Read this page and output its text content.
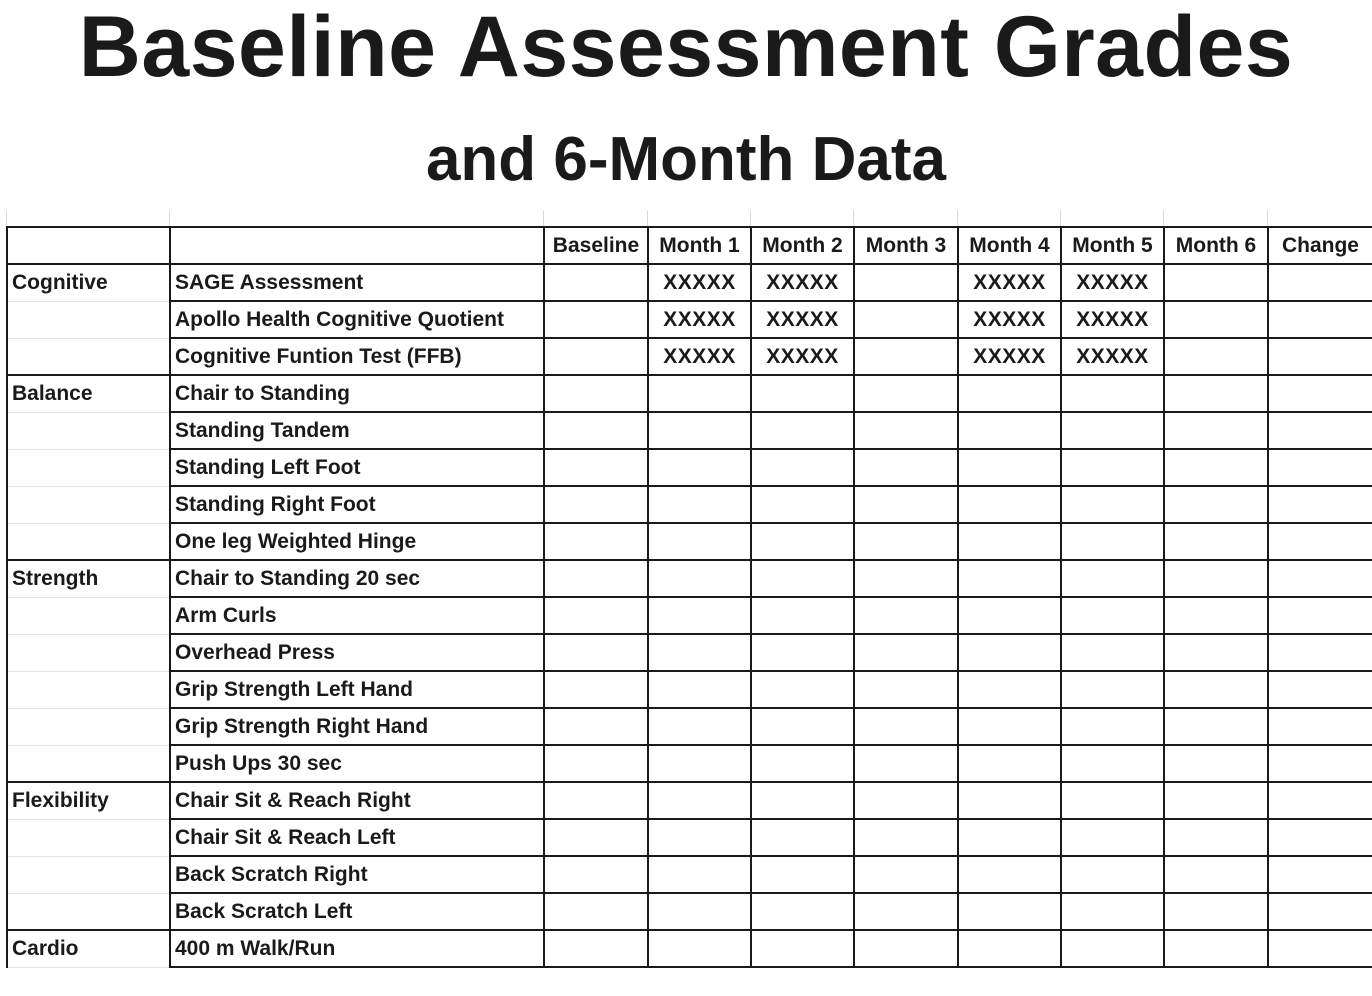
Baseline Assessment Grades
and 6-Month Data
		Baseline	Month 1	Month 2	Month 3	Month 4	Month 5	Month 6	Change
Cognitive	SAGE Assessment		XXXXX	XXXXX		XXXXX	XXXXX		
	Apollo Health Cognitive Quotient		XXXXX	XXXXX		XXXXX	XXXXX		
	Cognitive Funtion Test (FFB)		XXXXX	XXXXX		XXXXX	XXXXX		
Balance	Chair to Standing								
	Standing Tandem								
	Standing Left Foot								
	Standing Right Foot								
	One leg Weighted Hinge								
Strength	Chair to Standing 20 sec								
	Arm Curls								
	Overhead Press								
	Grip Strength Left Hand								
	Grip Strength Right Hand								
	Push Ups 30 sec								
Flexibility	Chair Sit & Reach Right								
	Chair Sit & Reach Left								
	Back Scratch Right								
	Back Scratch Left								
Cardio	400 m Walk/Run								
